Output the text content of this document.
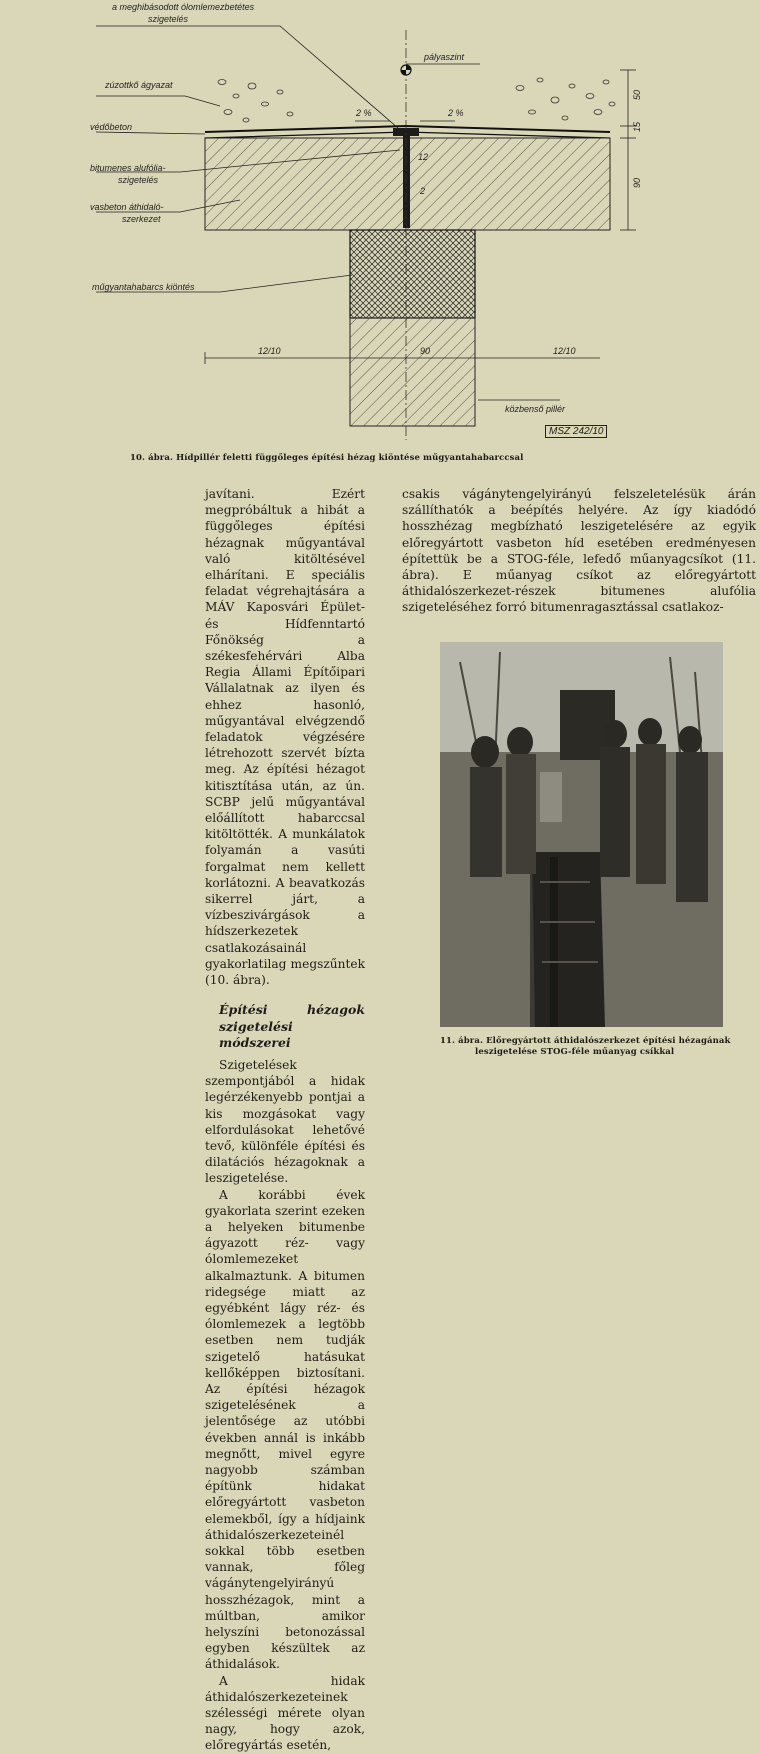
a meghibásodott ólomlemezbetétes
szigetelés
zúzottkő ágyazat
védőbeton
bitumenes alufólia-
szigetelés
vasbeton áthidaló-
szerkezet
műgyantahabarcs kiöntés
pályaszint
közbenső pillér
MSZ 242/10
2 %	2 %
50
15
90
12
2
12/10	90	12/10
10. ábra. Hídpillér feletti függőleges építési hézag kiöntése műgyantahabarccsal

javítani. Ezért megpróbáltuk a hibát a függőleges építési hézagnak műgyantával való kitöltésével elhárítani. E speciális feladat végrehajtására a MÁV Kaposvári Épület- és Hídfenntartó Főnökség a székesfehérvári Alba Regia Állami Építőipari Vállalatnak az ilyen és ehhez hasonló, műgyantával elvégzendő feladatok végzésére létrehozott szervét bízta meg. Az építési hézagot kitisztítása után, az ún. SCBP jelű műgyantával előállított habarccsal kitöltötték. A munkálatok folyamán a vasúti forgalmat nem kellett korlátozni. A beavatkozás sikerrel járt, a vízbeszivárgások a hídszerkezetek csatlakozásainál gyakorlatilag megszűntek (10. ábra).

Építési hézagok szigetelési módszerei

Szigetelések szempontjából a hidak legérzékenyebb pontjai a kis mozgásokat vagy elfordulásokat lehetővé tevő, különféle építési és dilatációs hézagoknak a leszigetelése.

A korábbi évek gyakorlata szerint ezeken a helyeken bitumenbe ágyazott réz- vagy ólomlemezeket alkalmaztunk. A bitumen ridegsége miatt az egyébként lágy réz- és ólomlemezek a legtöbb esetben nem tudják szigetelő hatásukat kellőképpen biztosítani. Az építési hézagok szigetelésének a jelentősége az utóbbi években annál is inkább megnőtt, mivel egyre nagyobb számban építünk hidakat előregyártott vasbeton elemekből, így a hídjaink áthidalószerkezeteinél sokkal több esetben vannak, főleg vágánytengelyirányú hosszhézagok, mint a múltban, amikor helyszíni betonozással egyben készültek az áthidalások.

A hidak áthidalószerkezeteinek szélességi mérete olyan nagy, hogy azok, előregyártás esetén,

csakis vágánytengelyirányú felszeletelésük árán szállíthatók a beépítés helyére. Az így kiadódó hosszhézag megbízható leszigetelésére az egyik előregyártott vasbeton híd esetében eredményesen építettük be a STOG-féle, lefedő műanyagcsíkot (11. ábra). E műanyag csíkot az előregyártott áthidalószerkezet-részek bitumenes alufólia szigeteléséhez forró bitumenragasztással csatlakoz-

11. ábra. Előregyártott áthidalószerkezet építési hézagának
leszigetelése STOG-féle műanyag csíkkal
